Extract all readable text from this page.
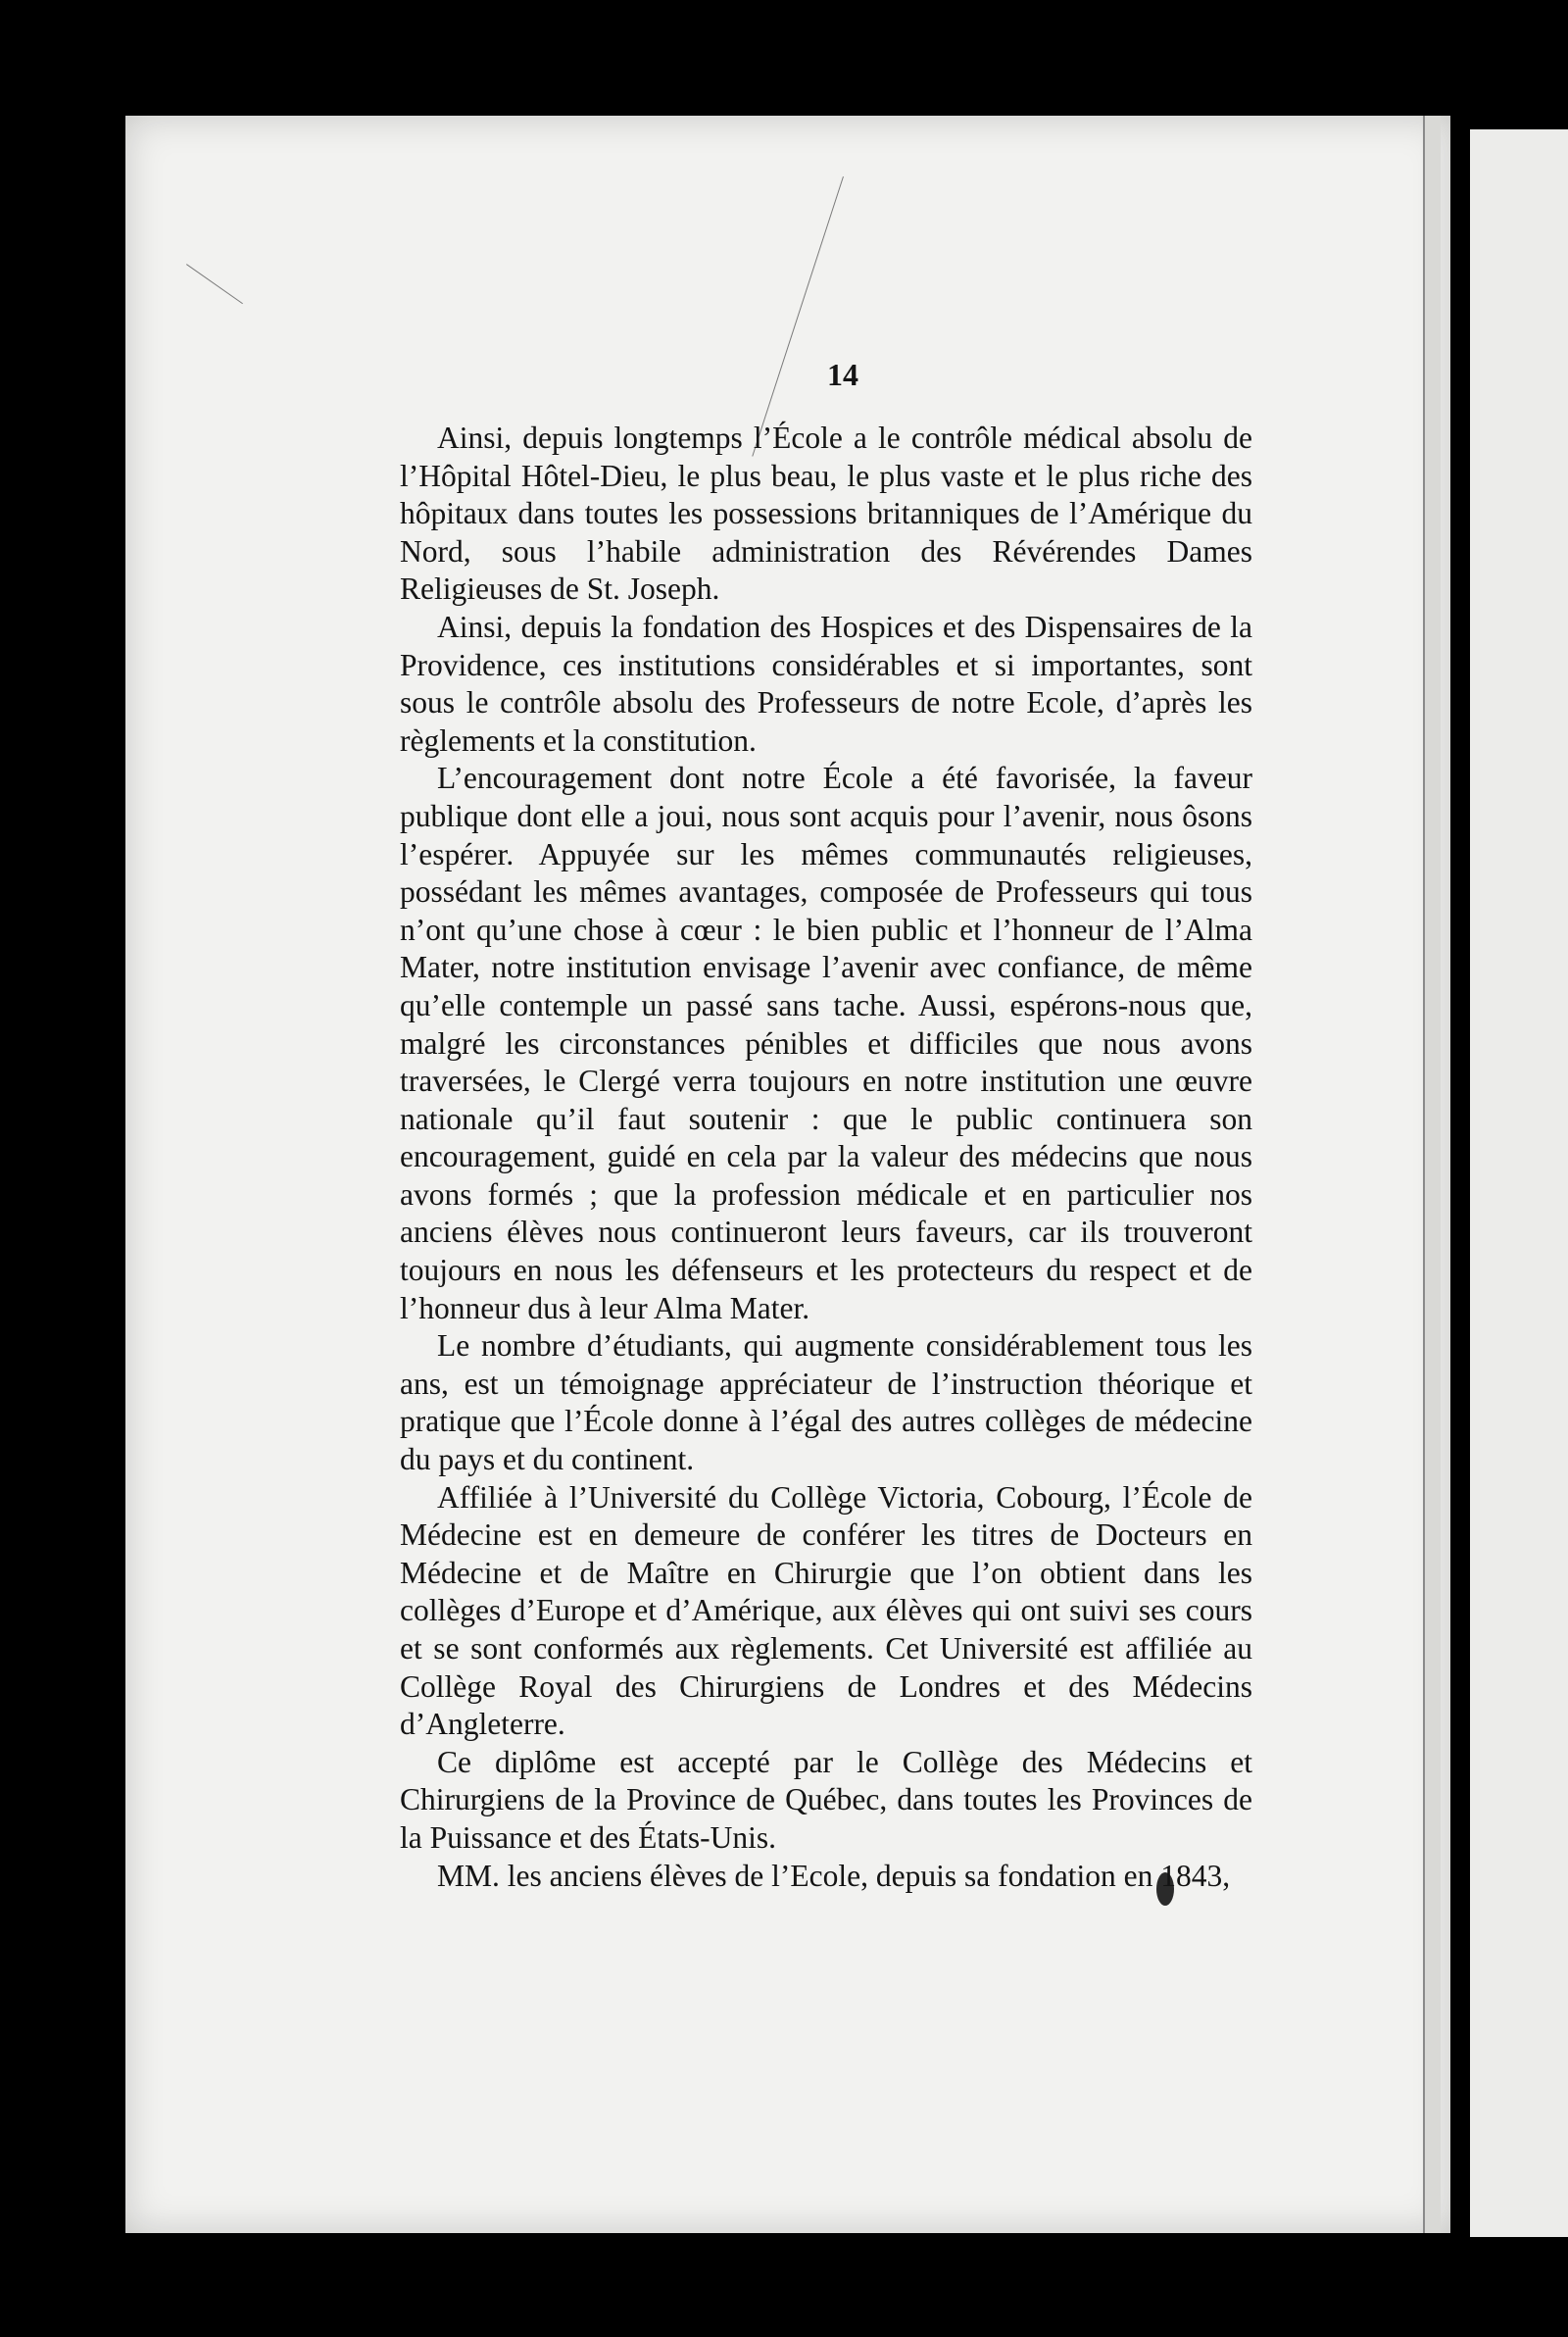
14

Ainsi, depuis longtemps l’École a le contrôle médical absolu de l’Hôpital Hôtel-Dieu, le plus beau, le plus vaste et le plus riche des hôpitaux dans toutes les possessions britanniques de l’Amérique du Nord, sous l’habile administration des Révérendes Dames Religieuses de St. Joseph.

Ainsi, depuis la fondation des Hospices et des Dispensaires de la Providence, ces institutions considérables et si importantes, sont sous le contrôle absolu des Professeurs de notre Ecole, d’après les règlements et la constitution.

L’encouragement dont notre École a été favorisée, la faveur publique dont elle a joui, nous sont acquis pour l’avenir, nous ôsons l’espérer. Appuyée sur les mêmes communautés religieuses, possédant les mêmes avantages, composée de Professeurs qui tous n’ont qu’une chose à cœur : le bien public et l’honneur de l’Alma Mater, notre institution envisage l’avenir avec confiance, de même qu’elle contemple un passé sans tache. Aussi, espérons-nous que, malgré les circonstances pénibles et difficiles que nous avons traversées, le Clergé verra toujours en notre institution une œuvre nationale qu’il faut soutenir : que le public continuera son encouragement, guidé en cela par la valeur des médecins que nous avons formés ; que la profession médicale et en particulier nos anciens élèves nous continueront leurs faveurs, car ils trouveront toujours en nous les défenseurs et les protecteurs du respect et de l’honneur dus à leur Alma Mater.

Le nombre d’étudiants, qui augmente considérablement tous les ans, est un témoignage appréciateur de l’instruction théorique et pratique que l’École donne à l’égal des autres collèges de médecine du pays et du continent.

Affiliée à l’Université du Collège Victoria, Cobourg, l’École de Médecine est en demeure de conférer les titres de Docteurs en Médecine et de Maître en Chirurgie que l’on obtient dans les collèges d’Europe et d’Amérique, aux élèves qui ont suivi ses cours et se sont conformés aux règlements. Cet Université est affiliée au Collège Royal des Chirurgiens de Londres et des Médecins d’Angleterre.

Ce diplôme est accepté par le Collège des Médecins et Chirurgiens de la Province de Québec, dans toutes les Provinces de la Puissance et des États-Unis.

MM. les anciens élèves de l’Ecole, depuis sa fondation en 1843,
